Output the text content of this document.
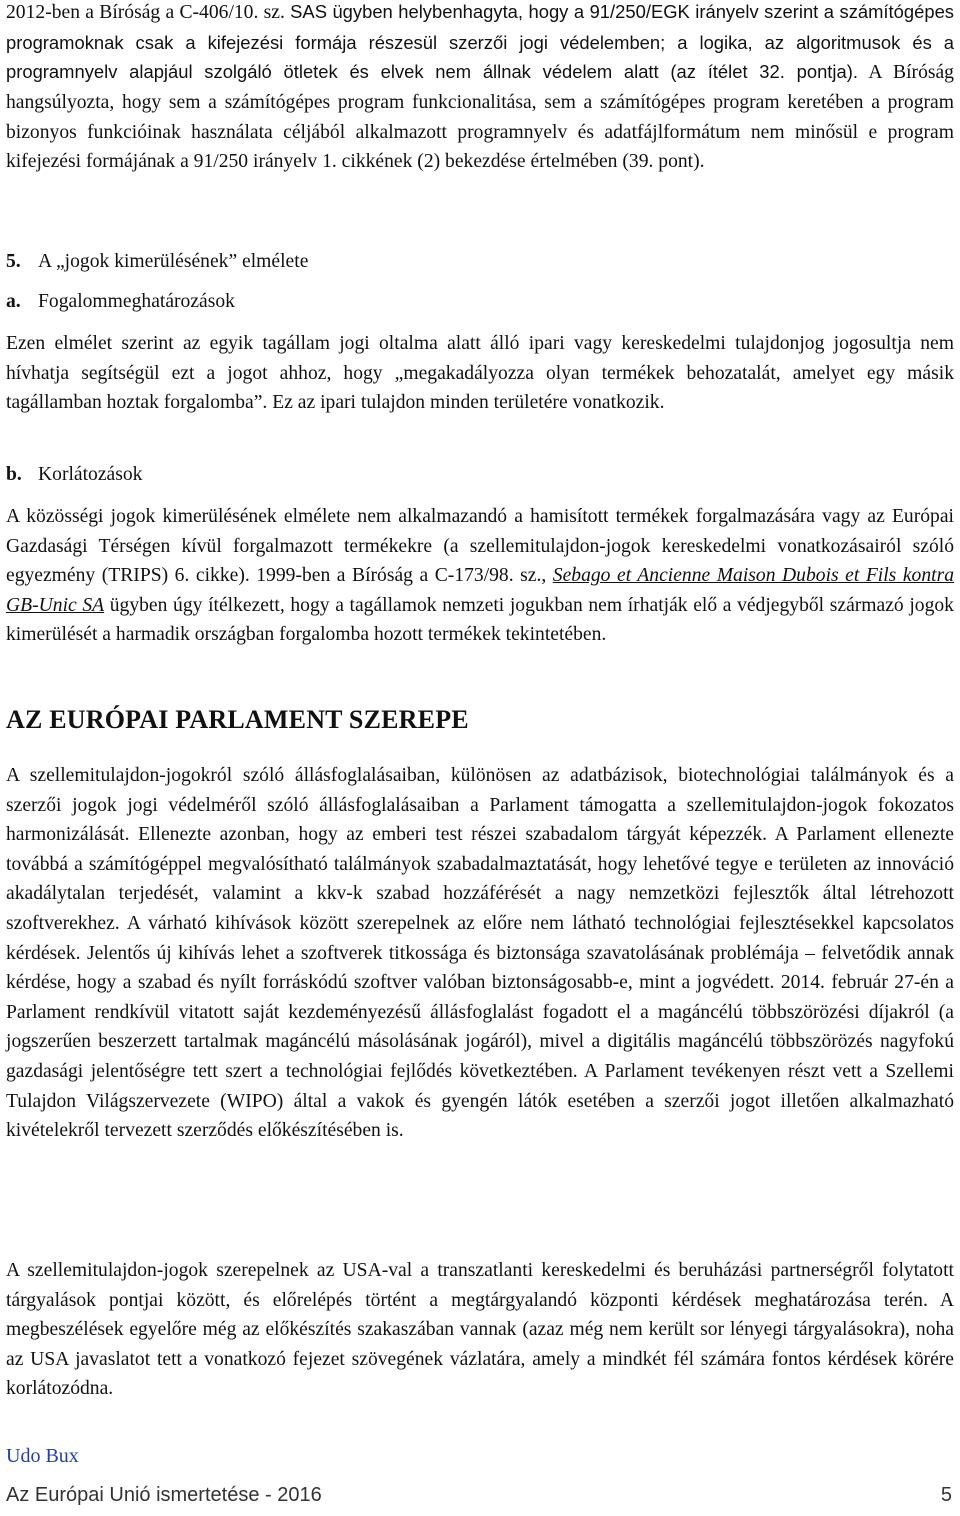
2012-ben a Bíróság a C-406/10. sz. SAS ügyben helybenhagyta, hogy a 91/250/EGK irányelv szerint a számítógépes programoknak csak a kifejezési formája részesül szerzői jogi védelemben; a logika, az algoritmusok és a programnyelv alapjául szolgáló ötletek és elvek nem állnak védelem alatt (az ítélet 32. pontja). A Bíróság hangsúlyozta, hogy sem a számítógépes program funkcionalitása, sem a számítógépes program keretében a program bizonyos funkcióinak használata céljából alkalmazott programnyelv és adatfájlformátum nem minősül e program kifejezési formájának a 91/250 irányelv 1. cikkének (2) bekezdése értelmében (39. pont).

5. A „jogok kimerülésének” elmélete

a. Fogalommeghatározások

Ezen elmélet szerint az egyik tagállam jogi oltalma alatt álló ipari vagy kereskedelmi tulajdonjog jogosultja nem hívhatja segítségül ezt a jogot ahhoz, hogy „megakadályozza olyan termékek behozatalát, amelyet egy másik tagállamban hoztak forgalomba”. Ez az ipari tulajdon minden területére vonatkozik.

b. Korlátozások

A közösségi jogok kimerülésének elmélete nem alkalmazandó a hamisított termékek forgalmazására vagy az Európai Gazdasági Térségen kívül forgalmazott termékekre (a szellemitulajdon-jogok kereskedelmi vonatkozásairól szóló egyezmény (TRIPS) 6. cikke). 1999-ben a Bíróság a C-173/98. sz., Sebago et Ancienne Maison Dubois et Fils kontra GB-Unic SA ügyben úgy ítélkezett, hogy a tagállamok nemzeti jogukban nem írhatják elő a védjegyből származó jogok kimerülését a harmadik országban forgalomba hozott termékek tekintetében.

AZ EURÓPAI PARLAMENT SZEREPE

A szellemitulajdon-jogokról szóló állásfoglalásaiban, különösen az adatbázisok, biotechnológiai találmányok és a szerzői jogok jogi védelméről szóló állásfoglalásaiban a Parlament támogatta a szellemitulajdon-jogok fokozatos harmonizálását. Ellenezte azonban, hogy az emberi test részei szabadalom tárgyát képezzék. A Parlament ellenezte továbbá a számítógéppel megvalósítható találmányok szabadalmaztatását, hogy lehetővé tegye e területen az innováció akadálytalan terjedését, valamint a kkv-k szabad hozzáférését a nagy nemzetközi fejlesztők által létrehozott szoftverekhez. A várható kihívások között szerepelnek az előre nem látható technológiai fejlesztésekkel kapcsolatos kérdések. Jelentős új kihívás lehet a szoftverek titkossága és biztonsága szavatolásának problémája – felvetődik annak kérdése, hogy a szabad és nyílt forráskódú szoftver valóban biztonságosabb-e, mint a jogvédett. 2014. február 27-én a Parlament rendkívül vitatott saját kezdeményezésű állásfoglalást fogadott el a magáncélú többszörözési díjakról (a jogszerűen beszerzett tartalmak magáncélú másolásának jogáról), mivel a digitális magáncélú többszörözés nagyfokú gazdasági jelentőségre tett szert a technológiai fejlődés következtében. A Parlament tevékenyen részt vett a Szellemi Tulajdon Világszervezete (WIPO) által a vakok és gyengén látók esetében a szerzői jogot illetően alkalmazható kivételekről tervezett szerződés előkészítésében is.

A szellemitulajdon-jogok szerepelnek az USA-val a transzatlanti kereskedelmi és beruházási partnerségről folytatott tárgyalások pontjai között, és előrelépés történt a megtárgyalandó központi kérdések meghatározása terén. A megbeszélések egyelőre még az előkészítés szakaszában vannak (azaz még nem került sor lényegi tárgyalásokra), noha az USA javaslatot tett a vonatkozó fejezet szövegének vázlatára, amely a mindkét fél számára fontos kérdések körére korlátozódna.

Udo Bux
Az Európai Unió ismertetése - 2016	5
